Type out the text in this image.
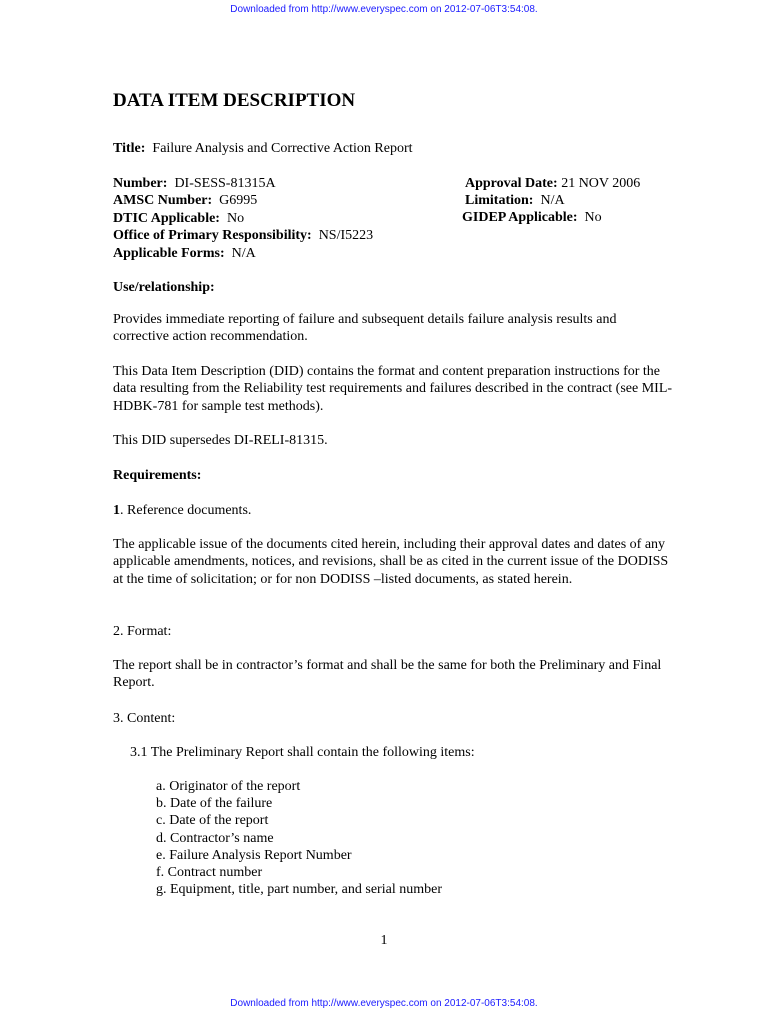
Downloaded from http://www.everyspec.com on 2012-07-06T3:54:08.
DATA ITEM DESCRIPTION
Title: Failure Analysis and Corrective Action Report
Number: DI-SESS-81315A
AMSC Number: G6995
DTIC Applicable: No
Office of Primary Responsibility: NS/I5223
Applicable Forms: N/A
Approval Date: 21 NOV 2006
Limitation: N/A
GIDEP Applicable: No
Use/relationship:
Provides immediate reporting of failure and subsequent details failure analysis results and corrective action recommendation.
This Data Item Description (DID) contains the format and content preparation instructions for the data resulting from the Reliability test requirements and failures described in the contract (see MIL-HDBK-781 for sample test methods).
This DID supersedes DI-RELI-81315.
Requirements:
1. Reference documents.
The applicable issue of the documents cited herein, including their approval dates and dates of any applicable amendments, notices, and revisions, shall be as cited in the current issue of the DODISS at the time of solicitation; or for non DODISS –listed documents, as stated herein.
2. Format:
The report shall be in contractor’s format and shall be the same for both the Preliminary and Final Report.
3. Content:
3.1 The Preliminary Report shall contain the following items:
a. Originator of the report
b. Date of the failure
c. Date of the report
d. Contractor’s name
e. Failure Analysis Report Number
f. Contract number
g. Equipment, title, part number, and serial number
1
Downloaded from http://www.everyspec.com on 2012-07-06T3:54:08.
